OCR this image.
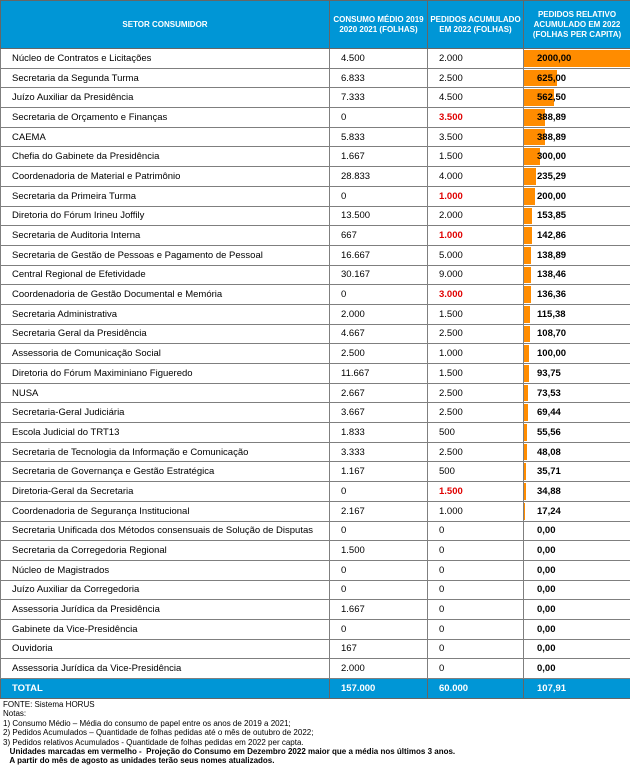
SETOR CONSUMIDOR	CONSUMO MÉDIO 2019 2020 2021 (FOLHAS)	PEDIDOS ACUMULADO EM 2022 (FOLHAS)	PEDIDOS RELATIVO ACUMULADO EM 2022 (FOLHAS PER CAPITA)
Núcleo de Contratos e Licitações	4.500	2.000	2000,00
Secretaria da Segunda Turma	6.833	2.500	625,00
Juízo Auxiliar da Presidência	7.333	4.500	562,50
Secretaria de Orçamento e Finanças	0	3.500	388,89
CAEMA	5.833	3.500	388,89
Chefia do Gabinete da Presidência	1.667	1.500	300,00
Coordenadoria de Material e Patrimônio	28.833	4.000	235,29
Secretaria da Primeira Turma	0	1.000	200,00
Diretoria do Fórum Irineu Joffily	13.500	2.000	153,85
Secretaria de Auditoria Interna	667	1.000	142,86
Secretaria de Gestão de Pessoas e Pagamento de Pessoal	16.667	5.000	138,89
Central Regional de Efetividade	30.167	9.000	138,46
Coordenadoria de Gestão Documental e Memória	0	3.000	136,36
Secretaria Administrativa	2.000	1.500	115,38
Secretaria Geral da Presidência	4.667	2.500	108,70
Assessoria de Comunicação Social	2.500	1.000	100,00
Diretoria do Fórum Maximiniano Figueredo	11.667	1.500	93,75
NUSA	2.667	2.500	73,53
Secretaria-Geral Judiciária	3.667	2.500	69,44
Escola Judicial do TRT13	1.833	500	55,56
Secretaria de Tecnologia da Informação e Comunicação	3.333	2.500	48,08
Secretaria de Governança e Gestão Estratégica	1.167	500	35,71
Diretoria-Geral da Secretaria	0	1.500	34,88
Coordenadoria de Segurança Institucional	2.167	1.000	17,24
Secretaria Unificada dos Métodos consensuais de Solução de Disputas	0	0	0,00
Secretaria da Corregedoria Regional	1.500	0	0,00
Núcleo de Magistrados	0	0	0,00
Juízo Auxiliar da Corregedoria	0	0	0,00
Assessoria Jurídica da Presidência	1.667	0	0,00
Gabinete da Vice-Presidência	0	0	0,00
Ouvidoria	167	0	0,00
Assessoria Jurídica da Vice-Presidência	2.000	0	0,00
TOTAL	157.000	60.000	107,91
FONTE: Sistema HORUS
Notas:
1) Consumo Médio – Média do consumo de papel entre os anos de 2019 a 2021;
2) Pedidos Acumulados – Quantidade de folhas pedidas até o mês de outubro de 2022;
3) Pedidos relativos Acumulados - Quantidade de folhas pedidas em 2022 per capta.
Unidades marcadas em vermelho -  Projeção do Consumo em Dezembro 2022 maior que a média nos últimos 3 anos.
A partir do mês de agosto as unidades terão seus nomes atualizados.
